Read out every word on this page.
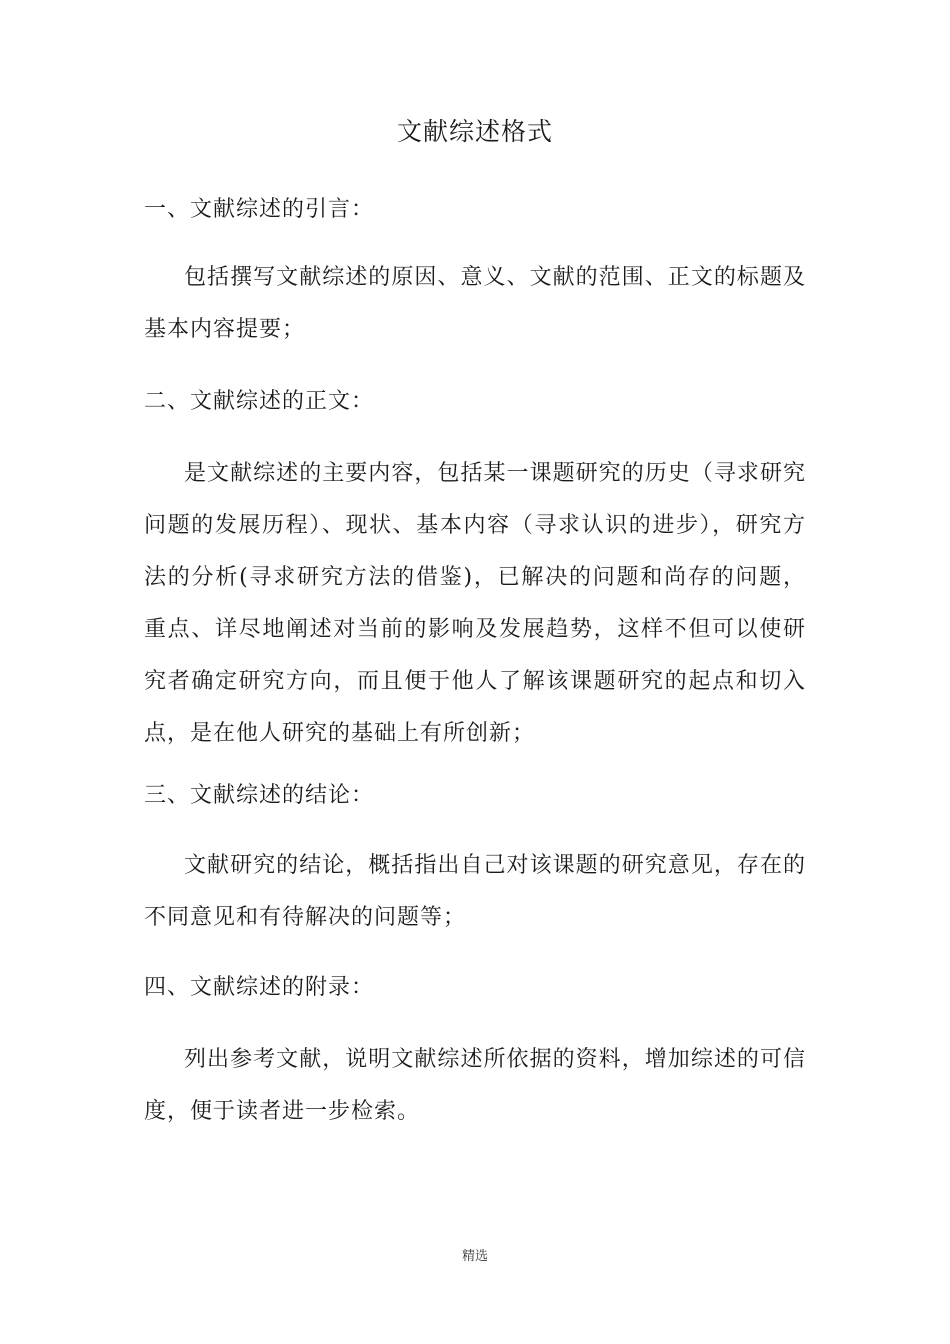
文献综述格式
一、文献综述的引言：

包括撰写文献综述的原因、意义、文献的范围、正文的标题及基本内容提要；

二、文献综述的正文：

是文献综述的主要内容，包括某一课题研究的历史（寻求研究问题的发展历程）、现状、基本内容（寻求认识的进步），研究方法的分析(寻求研究方法的借鉴)，已解决的问题和尚存的问题，重点、详尽地阐述对当前的影响及发展趋势，这样不但可以使研究者确定研究方向，而且便于他人了解该课题研究的起点和切入点，是在他人研究的基础上有所创新；

三、文献综述的结论：

文献研究的结论，概括指出自己对该课题的研究意见，存在的不同意见和有待解决的问题等；

四、文献综述的附录：

列出参考文献，说明文献综述所依据的资料，增加综述的可信度，便于读者进一步检索。

精选
